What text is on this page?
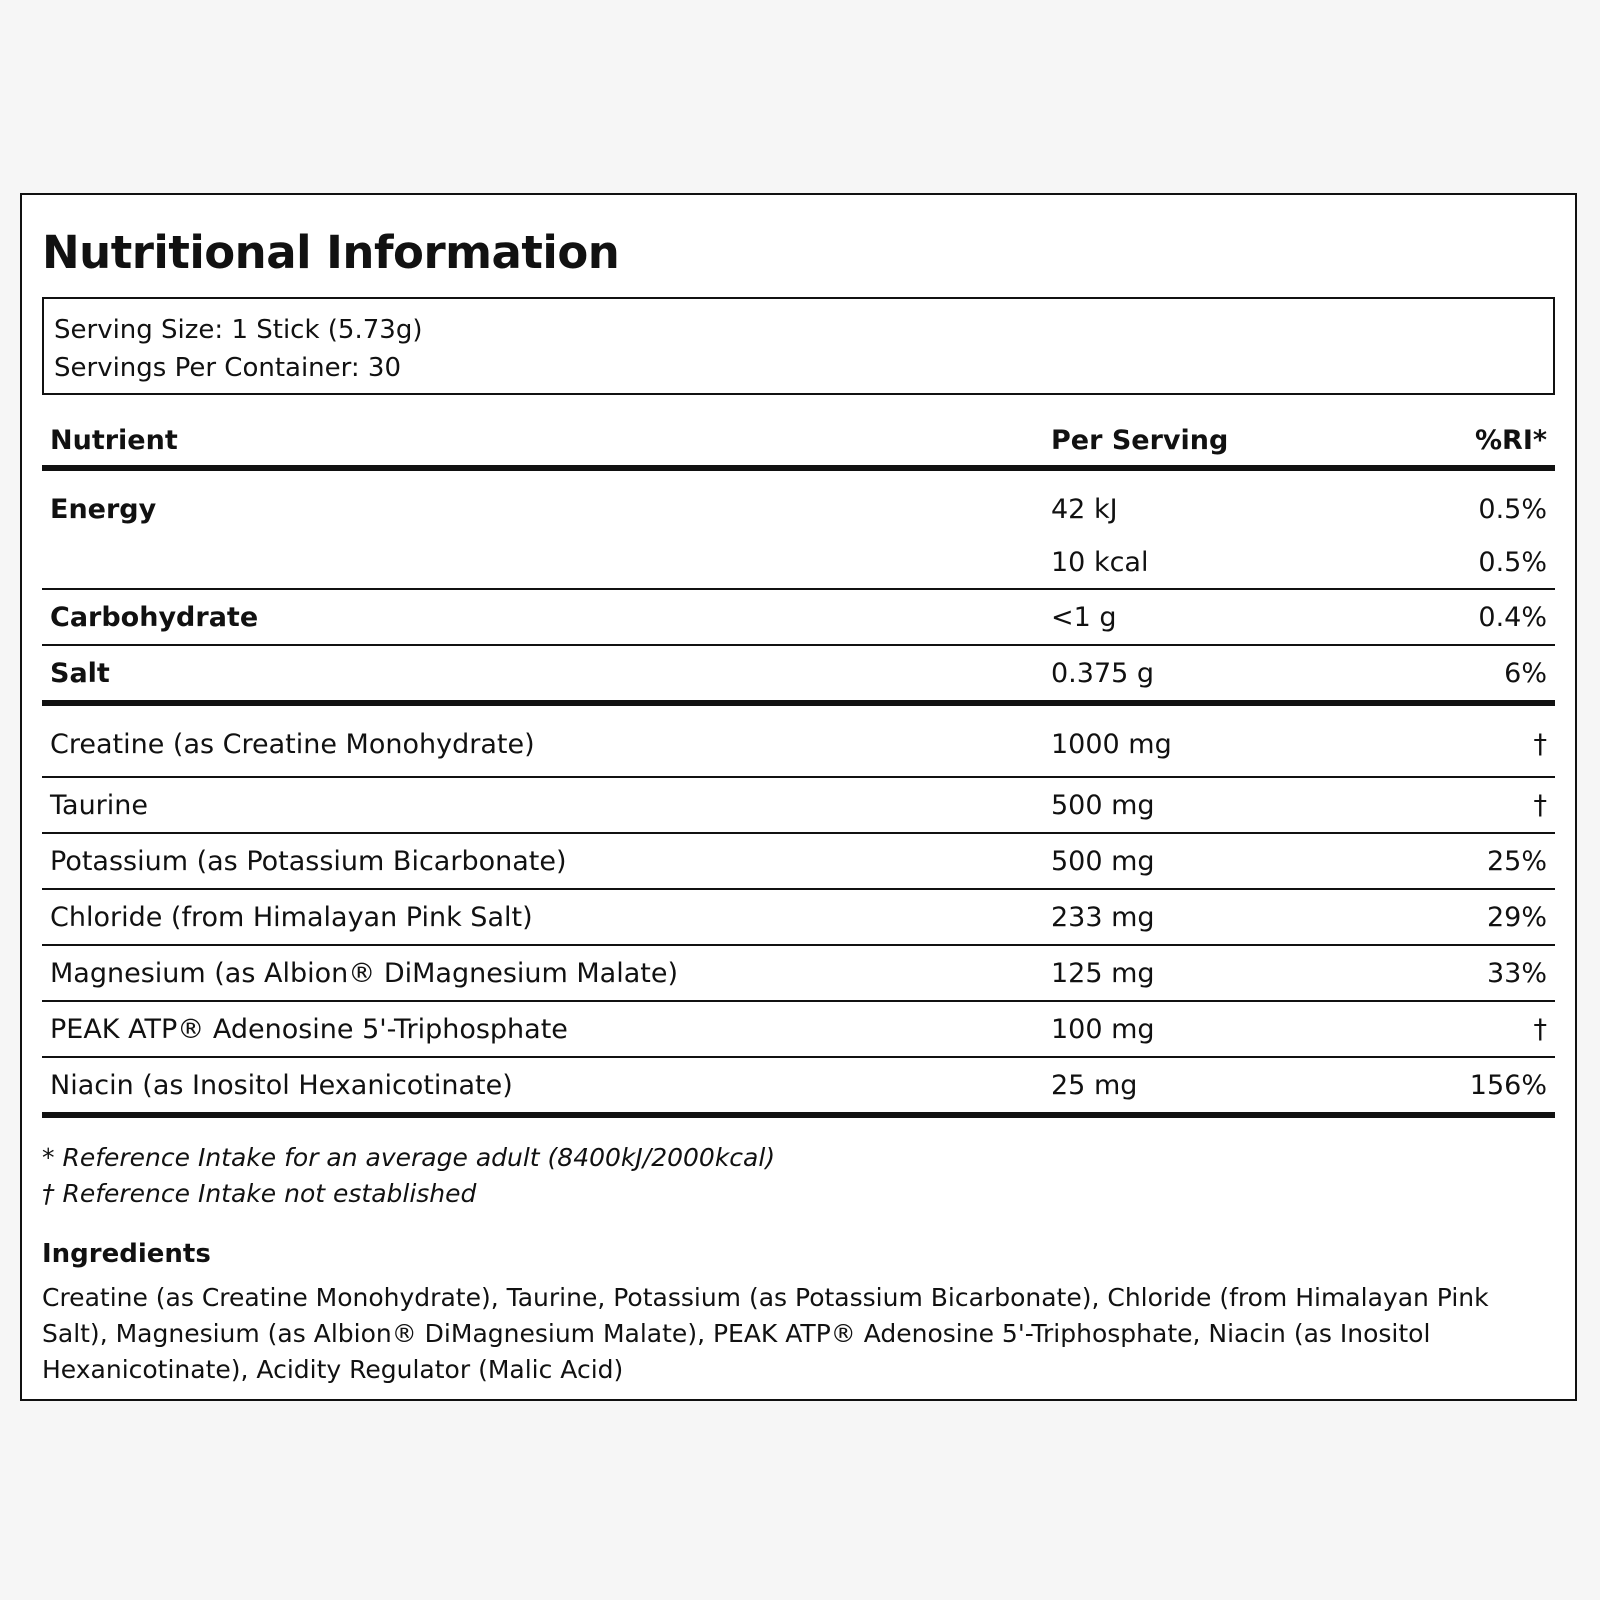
Nutritional Information
Serving Size: 1 Stick (5.73g)
Servings Per Container: 30
Nutrient	Per Serving	%RI*
Energy	42 kJ	0.5%
	10 kcal	0.5%
Carbohydrate	<1 g	0.4%
Salt	0.375 g	6%
Creatine (as Creatine Monohydrate)	1000 mg	†
Taurine	500 mg	†
Potassium (as Potassium Bicarbonate)	500 mg	25%
Chloride (from Himalayan Pink Salt)	233 mg	29%
Magnesium (as Albion® DiMagnesium Malate)	125 mg	33%
PEAK ATP® Adenosine 5'-Triphosphate	100 mg	†
Niacin (as Inositol Hexanicotinate)	25 mg	156%
* Reference Intake for an average adult (8400kJ/2000kcal)
† Reference Intake not established
Ingredients
Creatine (as Creatine Monohydrate), Taurine, Potassium (as Potassium Bicarbonate), Chloride (from Himalayan Pink Salt), Magnesium (as Albion® DiMagnesium Malate), PEAK ATP® Adenosine 5'-Triphosphate, Niacin (as Inositol Hexanicotinate), Acidity Regulator (Malic Acid)
